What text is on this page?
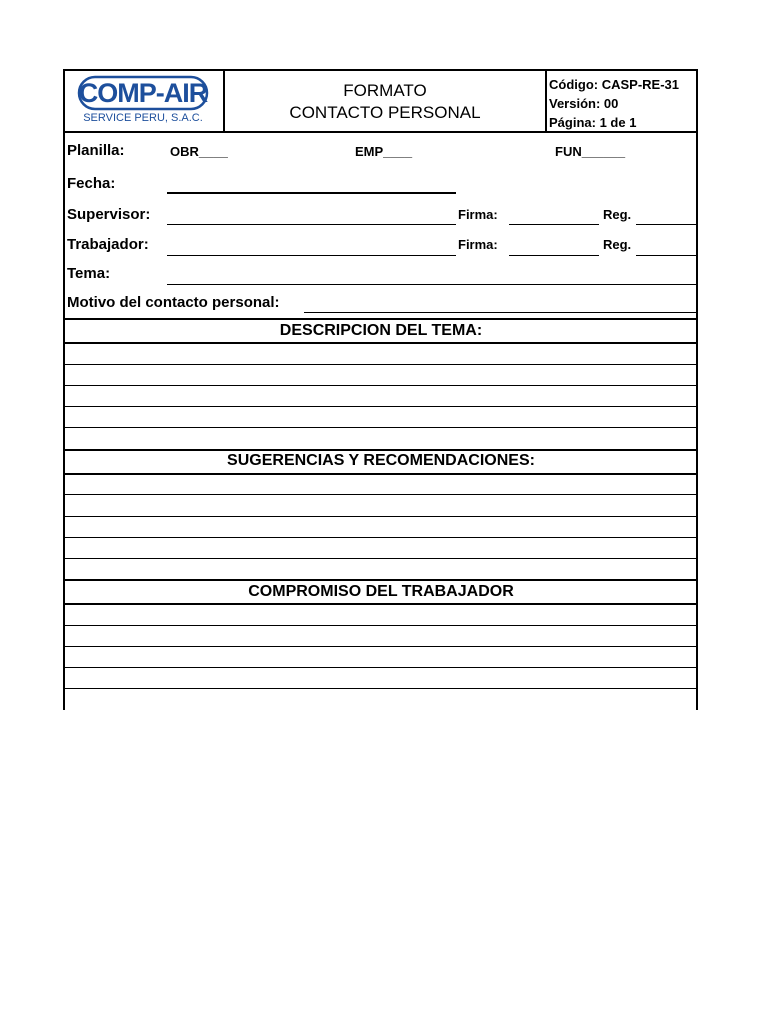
COMP-AIR
SERVICE PERU, S.A.C.
FORMATO
CONTACTO PERSONAL
Código: CASP-RE-31
Versión: 00
Página: 1 de 1
Planilla:	OBR____	EMP____	FUN______
Fecha:
Supervisor:	Firma:	Reg.
Trabajador:	Firma:	Reg.
Tema:
Motivo del contacto personal:
DESCRIPCION DEL TEMA:
SUGERENCIAS Y RECOMENDACIONES:
COMPROMISO DEL TRABAJADOR
